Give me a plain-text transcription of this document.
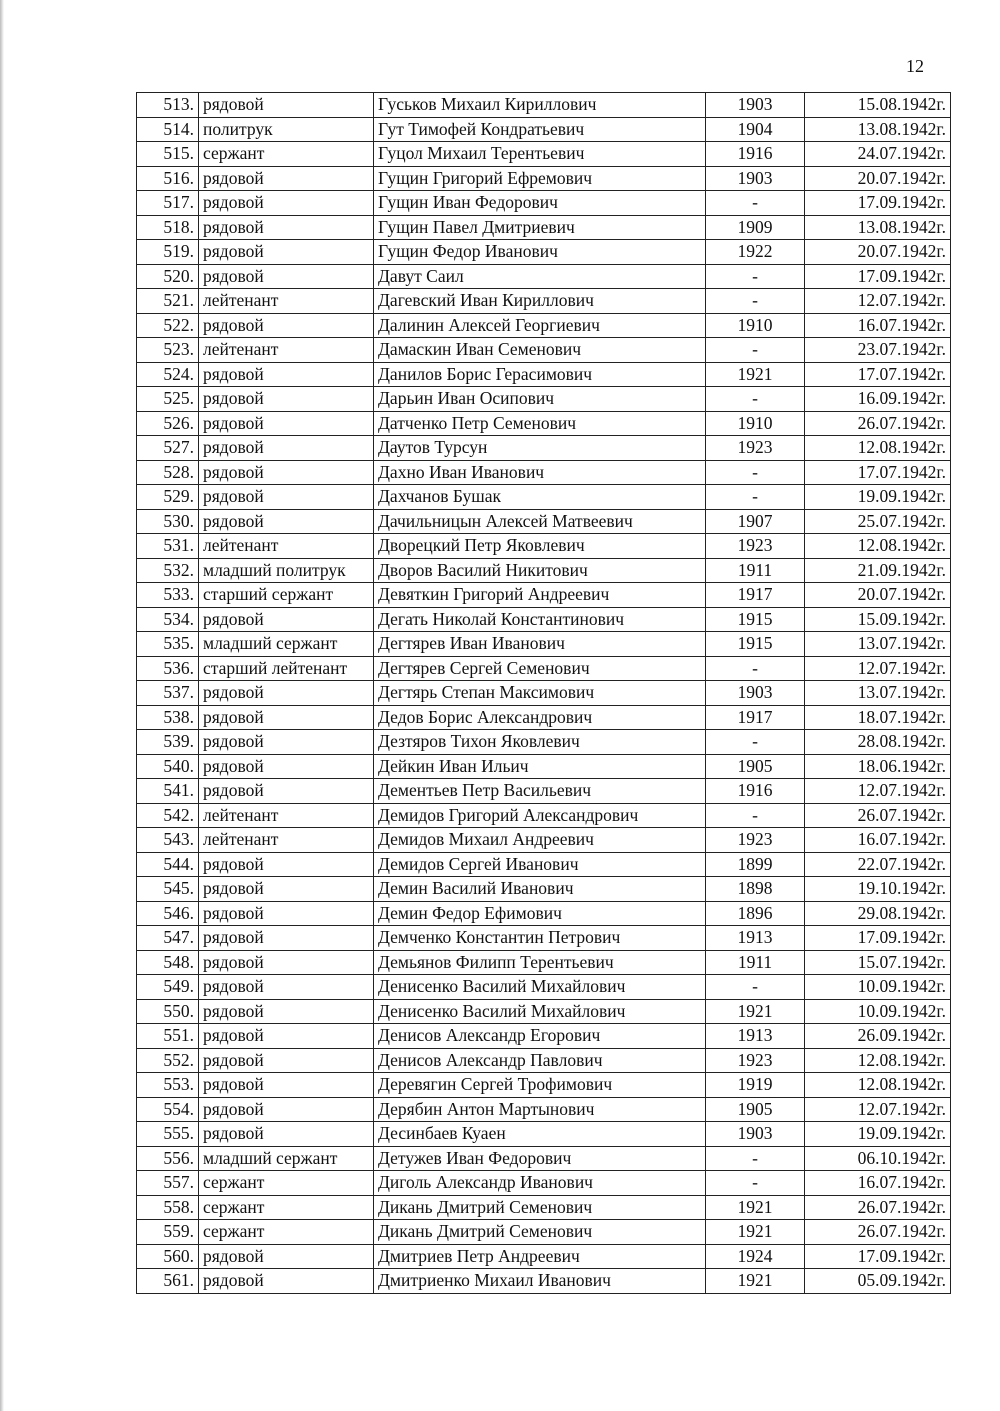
12
513.	рядовой	Гуськов Михаил Кириллович	1903	15.08.1942г.
514.	политрук	Гут Тимофей Кондратьевич	1904	13.08.1942г.
515.	сержант	Гуцол Михаил Терентьевич	1916	24.07.1942г.
516.	рядовой	Гущин Григорий Ефремович	1903	20.07.1942г.
517.	рядовой	Гущин Иван Федорович	-	17.09.1942г.
518.	рядовой	Гущин Павел Дмитриевич	1909	13.08.1942г.
519.	рядовой	Гущин Федор Иванович	1922	20.07.1942г.
520.	рядовой	Давут Саил	-	17.09.1942г.
521.	лейтенант	Дагевский Иван Кириллович	-	12.07.1942г.
522.	рядовой	Далинин Алексей Георгиевич	1910	16.07.1942г.
523.	лейтенант	Дамаскин Иван Семенович	-	23.07.1942г.
524.	рядовой	Данилов Борис Герасимович	1921	17.07.1942г.
525.	рядовой	Дарьин Иван Осипович	-	16.09.1942г.
526.	рядовой	Датченко Петр Семенович	1910	26.07.1942г.
527.	рядовой	Даутов Турсун	1923	12.08.1942г.
528.	рядовой	Дахно Иван Иванович	-	17.07.1942г.
529.	рядовой	Дахчанов Бушак	-	19.09.1942г.
530.	рядовой	Дачильницын Алексей Матвеевич	1907	25.07.1942г.
531.	лейтенант	Дворецкий Петр Яковлевич	1923	12.08.1942г.
532.	младший политрук	Дворов Василий Никитович	1911	21.09.1942г.
533.	старший сержант	Девяткин Григорий Андреевич	1917	20.07.1942г.
534.	рядовой	Дегать Николай Константинович	1915	15.09.1942г.
535.	младший сержант	Дегтярев Иван Иванович	1915	13.07.1942г.
536.	старший лейтенант	Дегтярев Сергей Семенович	-	12.07.1942г.
537.	рядовой	Дегтярь Степан Максимович	1903	13.07.1942г.
538.	рядовой	Дедов Борис Александрович	1917	18.07.1942г.
539.	рядовой	Дезтяров Тихон Яковлевич	-	28.08.1942г.
540.	рядовой	Дейкин Иван Ильич	1905	18.06.1942г.
541.	рядовой	Дементьев Петр Васильевич	1916	12.07.1942г.
542.	лейтенант	Демидов Григорий Александрович	-	26.07.1942г.
543.	лейтенант	Демидов Михаил Андреевич	1923	16.07.1942г.
544.	рядовой	Демидов Сергей Иванович	1899	22.07.1942г.
545.	рядовой	Демин Василий Иванович	1898	19.10.1942г.
546.	рядовой	Демин Федор Ефимович	1896	29.08.1942г.
547.	рядовой	Демченко Константин Петрович	1913	17.09.1942г.
548.	рядовой	Демьянов Филипп Терентьевич	1911	15.07.1942г.
549.	рядовой	Денисенко Василий Михайлович	-	10.09.1942г.
550.	рядовой	Денисенко Василий Михайлович	1921	10.09.1942г.
551.	рядовой	Денисов Александр Егорович	1913	26.09.1942г.
552.	рядовой	Денисов Александр Павлович	1923	12.08.1942г.
553.	рядовой	Деревягин Сергей Трофимович	1919	12.08.1942г.
554.	рядовой	Дерябин Антон Мартынович	1905	12.07.1942г.
555.	рядовой	Десинбаев Куаен	1903	19.09.1942г.
556.	младший сержант	Детужев Иван Федорович	-	06.10.1942г.
557.	сержант	Диголь Александр Иванович	-	16.07.1942г.
558.	сержант	Дикань Дмитрий Семенович	1921	26.07.1942г.
559.	сержант	Дикань Дмитрий Семенович	1921	26.07.1942г.
560.	рядовой	Дмитриев Петр Андреевич	1924	17.09.1942г.
561.	рядовой	Дмитриенко Михаил Иванович	1921	05.09.1942г.
